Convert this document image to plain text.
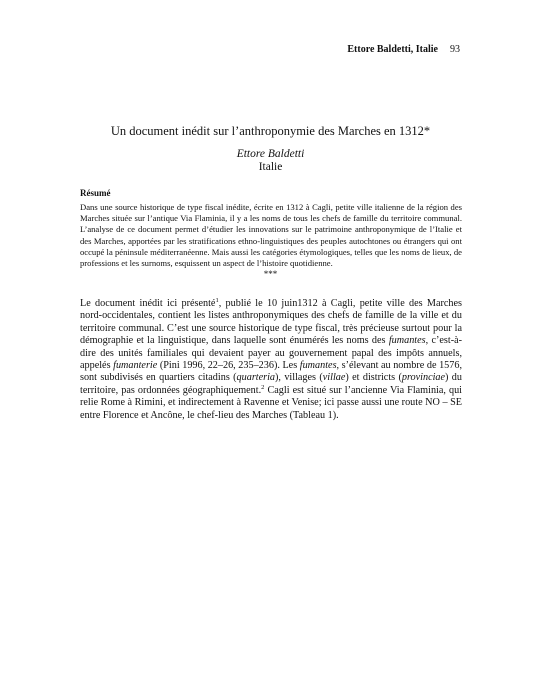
Ettore Baldetti, Italie 93
Un document inédit sur l’anthroponymie des Marches en 1312*
Ettore Baldetti
Italie
Résumé
Dans une source historique de type fiscal inédite, écrite en 1312 à Cagli, petite ville italienne de la région des Marches située sur l’antique Via Flaminia, il y a les noms de tous les chefs de famille du territoire communal. L’analyse de ce document permet d’étudier les innovations sur le patrimoine anthroponymique de l’Italie et des Marches, apportées par les stratifications ethno-linguistiques des peuples autochtones ou étrangers qui ont occupé la péninsule méditerranéenne. Mais aussi les catégories étymologiques, telles que les noms de lieux, de professions et les surnoms, esquissent un aspect de l’histoire quotidienne.
***
Le document inédit ici présenté$^1$, publié le 10 juin1312 à Cagli, petite ville des Marches nord-occidentales, contient les listes anthroponymiques des chefs de famille de la ville et du territoire communal. C’est une source historique de type fiscal, très précieuse surtout pour la démographie et la linguistique, dans laquelle sont énumérés les noms des fumantes, c’est-à-dire des unités familiales qui devaient payer au gouvernement papal des impôts annuels, appelés fumanterie (Pini 1996, 22–26, 235–236). Les fumantes, s’élevant au nombre de 1576, sont subdivisés en quartiers citadins (quarteria), villages (villae) et districts (provinciae) du territoire, pas ordonnées géographiquement.$^2$ Cagli est situé sur l’ancienne Via Flaminia, qui relie Rome à Rimini, et indirectement à Ravenne et Venise; ici passe aussi une route NO – SE entre Florence et Ancône, le chef-lieu des Marches (Tableau 1).
